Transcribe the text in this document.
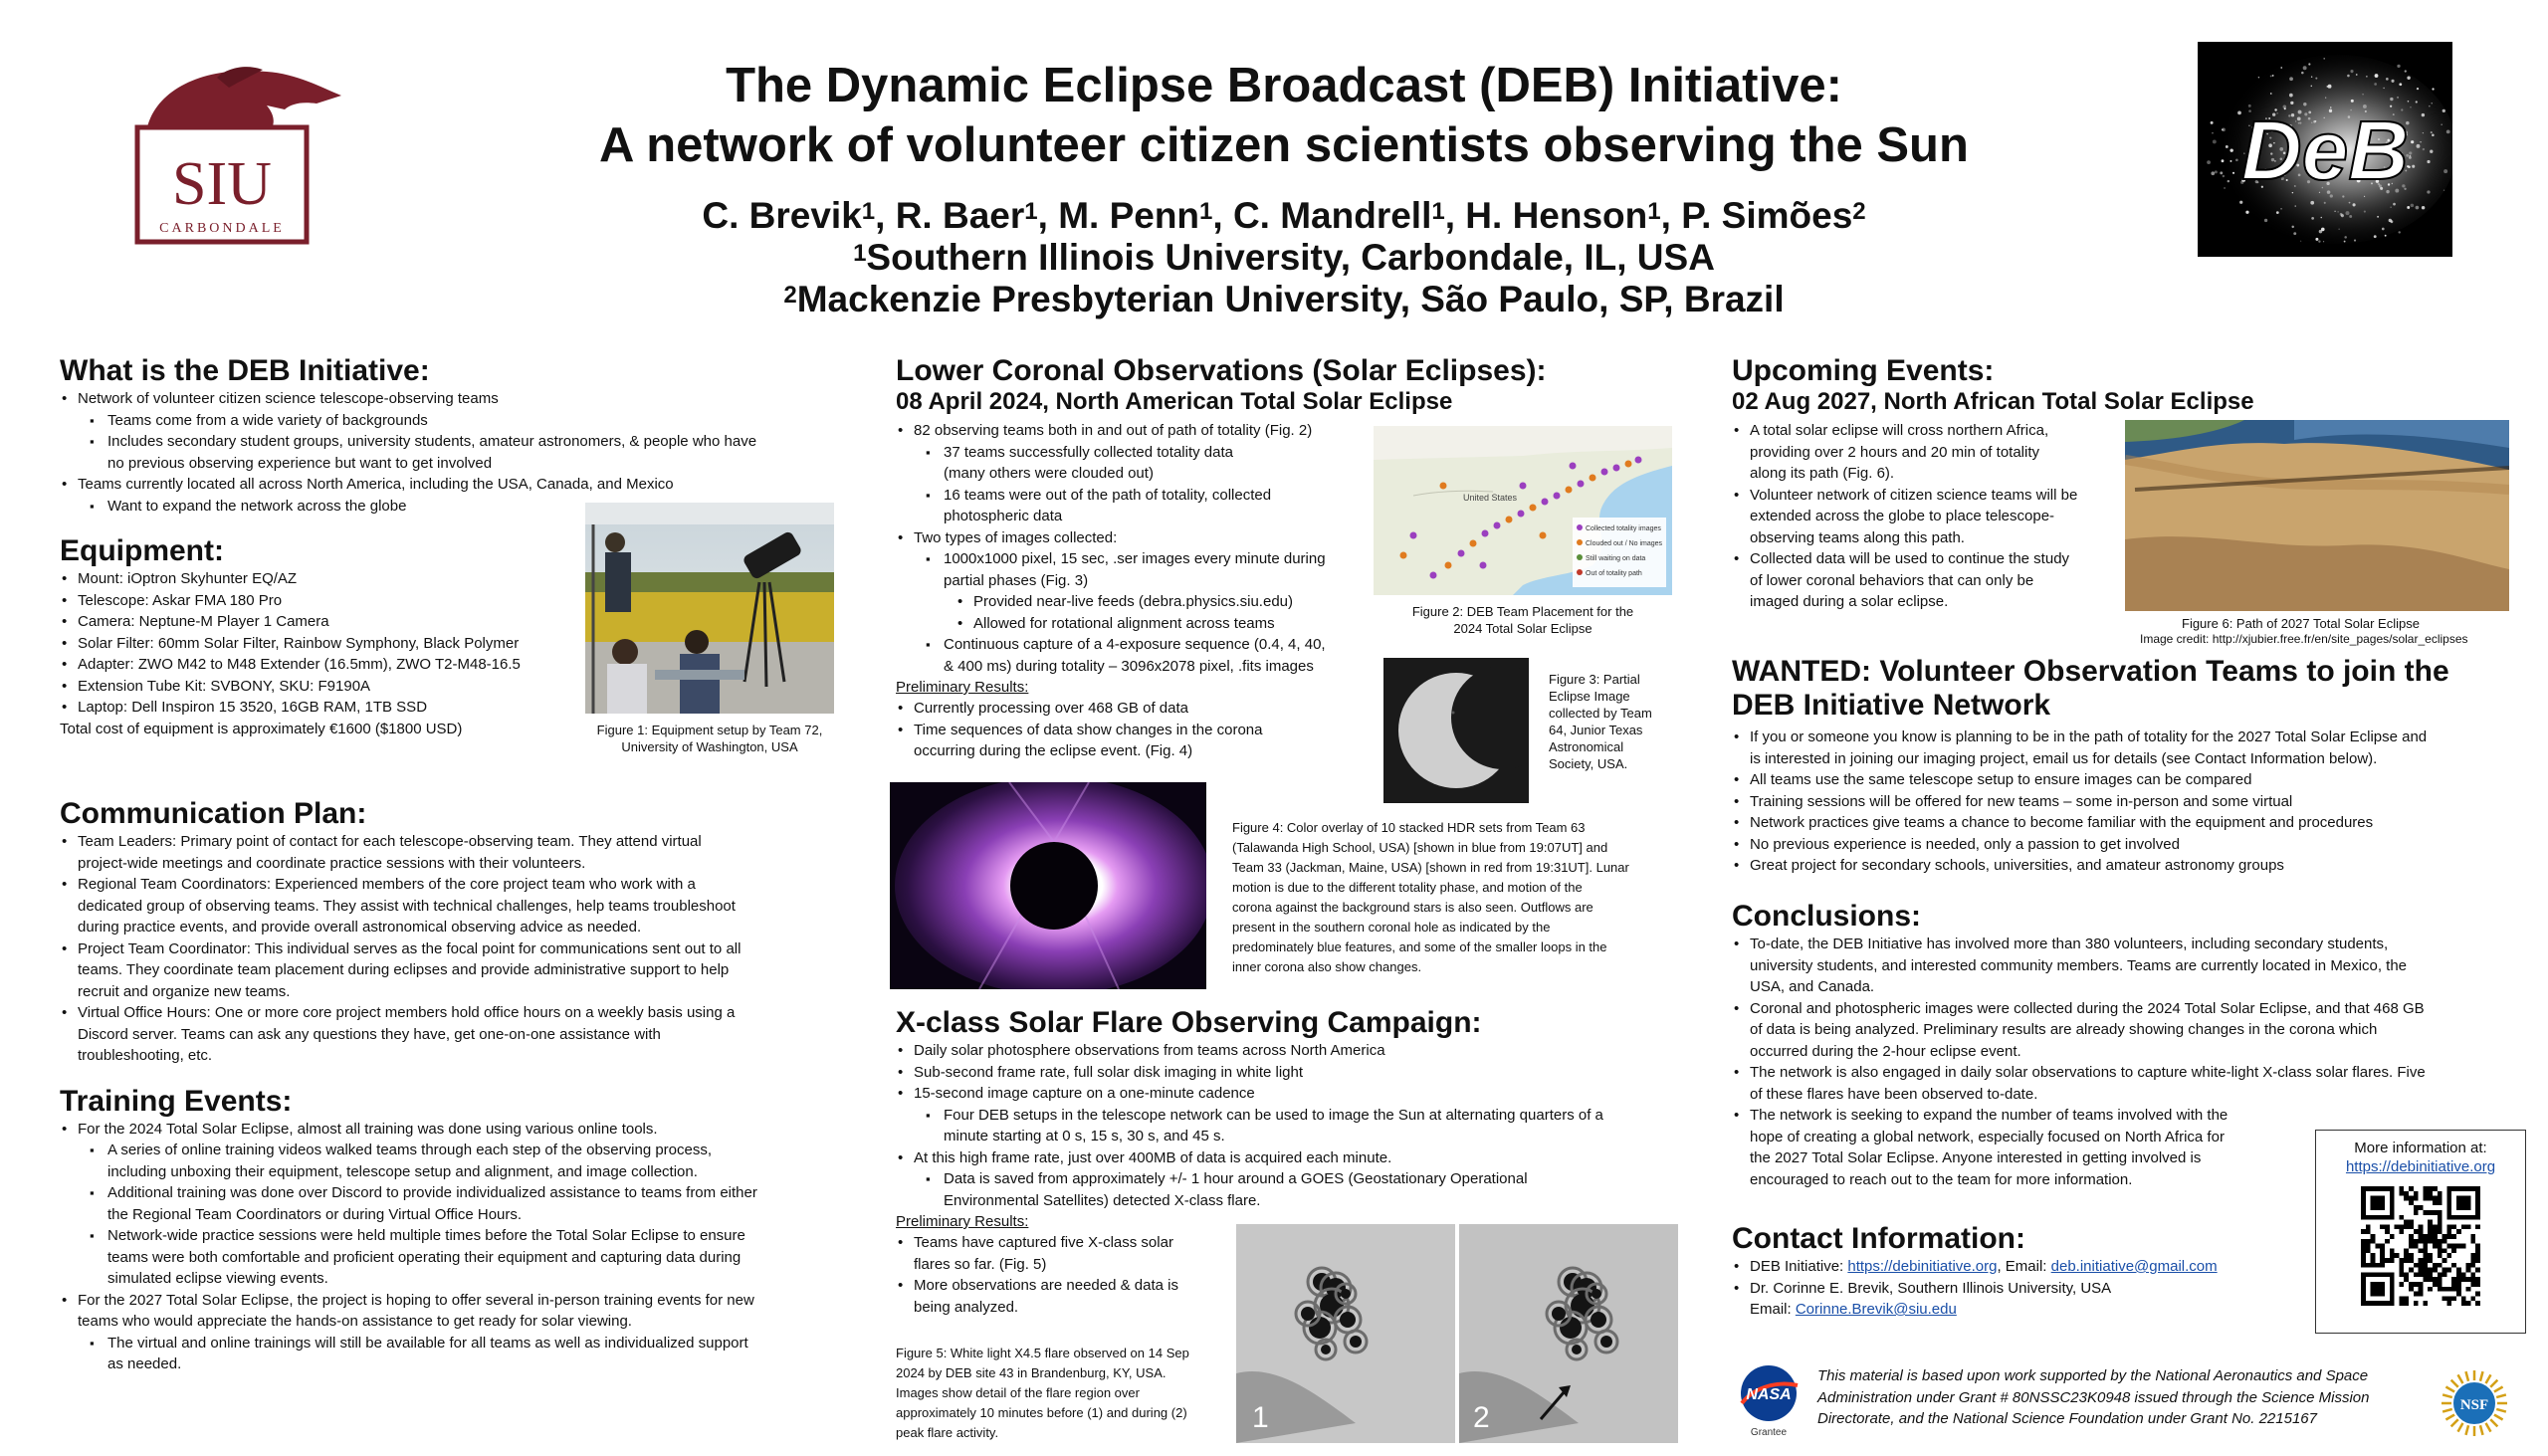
SIU
CARBONDALE
The Dynamic Eclipse Broadcast (DEB) Initiative:
A network of volunteer citizen scientists observing the Sun
C. Brevik$^1$, R. Baer$^1$, M. Penn$^1$, C. Mandrell$^1$, H. Henson$^1$, P. Simões$^2$
$^1$Southern Illinois University, Carbondale, IL, USA
$^2$Mackenzie Presbyterian University, São Paulo, SP, Brazil
DeB
What is the DEB Initiative:
• Network of volunteer citizen science telescope-observing teams
▪ Teams come from a wide variety of backgrounds
▪ Includes secondary student groups, university students, amateur astronomers, & people who have
no previous observing experience but want to get involved
• Teams currently located all across North America, including the USA, Canada, and Mexico
▪ Want to expand the network across the globe
Equipment:
• Mount: iOptron Skyhunter EQ/AZ
• Telescope: Askar FMA 180 Pro
• Camera: Neptune-M Player 1 Camera
• Solar Filter: 60mm Solar Filter, Rainbow Symphony, Black Polymer
• Adapter: ZWO M42 to M48 Extender (16.5mm), ZWO T2-M48-16.5
• Extension Tube Kit: SVBONY, SKU: F9190A
• Laptop: Dell Inspiron 15 3520, 16GB RAM, 1TB SSD
Total cost of equipment is approximately €1600 ($1800 USD)	Figure 1: Equipment setup by Team 72,
University of Washington, USA
Communication Plan:
• Team Leaders: Primary point of contact for each telescope-observing team. They attend virtual
project-wide meetings and coordinate practice sessions with their volunteers.
• Regional Team Coordinators: Experienced members of the core project team who work with a
dedicated group of observing teams. They assist with technical challenges, help teams troubleshoot
during practice events, and provide overall astronomical observing advice as needed.
• Project Team Coordinator: This individual serves as the focal point for communications sent out to all
teams. They coordinate team placement during eclipses and provide administrative support to help
recruit and organize new teams.
• Virtual Office Hours: One or more core project members hold office hours on a weekly basis using a
Discord server. Teams can ask any questions they have, get one-on-one assistance with
troubleshooting, etc.
Training Events:
• For the 2024 Total Solar Eclipse, almost all training was done using various online tools.
▪ A series of online training videos walked teams through each step of the observing process,
including unboxing their equipment, telescope setup and alignment, and image collection.
▪ Additional training was done over Discord to provide individualized assistance to teams from either
the Regional Team Coordinators or during Virtual Office Hours.
▪ Network-wide practice sessions were held multiple times before the Total Solar Eclipse to ensure
teams were both comfortable and proficient operating their equipment and capturing data during
simulated eclipse viewing events.
• For the 2027 Total Solar Eclipse, the project is hoping to offer several in-person training events for new
teams who would appreciate the hands-on assistance to get ready for solar viewing.
▪ The virtual and online trainings will still be available for all teams as well as individualized support
as needed.
Lower Coronal Observations (Solar Eclipses):
08 April 2024, North American Total Solar Eclipse
• 82 observing teams both in and out of path of totality (Fig. 2)
▪ 37 teams successfully collected totality data
(many others were clouded out)
▪ 16 teams were out of the path of totality, collected
photospheric data
• Two types of images collected:
▪ 1000x1000 pixel, 15 sec, .ser images every minute during
partial phases (Fig. 3)
• Provided near-live feeds (debra.physics.siu.edu)
• Allowed for rotational alignment across teams
▪ Continuous capture of a 4-exposure sequence (0.4, 4, 40,
& 400 ms) during totality – 3096x2078 pixel, .fits images
Preliminary Results:
• Currently processing over 468 GB of data
• Time sequences of data show changes in the corona
occurring during the eclipse event. (Fig. 4)
United States
Collected totality images
Clouded out / No images
Still waiting on data
Out of totality path
Figure 2: DEB Team Placement for the
2024 Total Solar Eclipse
Figure 3: Partial
Eclipse Image
collected by Team
64, Junior Texas
Astronomical
Society, USA.
Figure 4: Color overlay of 10 stacked HDR sets from Team 63
(Talawanda High School, USA) [shown in blue from 19:07UT] and
Team 33 (Jackman, Maine, USA) [shown in red from 19:31UT]. Lunar
motion is due to the different totality phase, and motion of the
corona against the background stars is also seen. Outflows are
present in the southern coronal hole as indicated by the
predominately blue features, and some of the smaller loops in the
inner corona also show changes.
X-class Solar Flare Observing Campaign:
• Daily solar photosphere observations from teams across North America
• Sub-second frame rate, full solar disk imaging in white light
• 15-second image capture on a one-minute cadence
▪ Four DEB setups in the telescope network can be used to image the Sun at alternating quarters of a
minute starting at 0 s, 15 s, 30 s, and 45 s.
• At this high frame rate, just over 400MB of data is acquired each minute.
▪ Data is saved from approximately +/- 1 hour around a GOES (Geostationary Operational
Environmental Satellites) detected X-class flare.
Preliminary Results:
• Teams have captured five X-class solar
flares so far. (Fig. 5)
• More observations are needed & data is
being analyzed.
Figure 5: White light X4.5 flare observed on 14 Sep
2024 by DEB site 43 in Brandenburg, KY, USA.
Images show detail of the flare region over
approximately 10 minutes before (1) and during (2)
peak flare activity.	1	2
Upcoming Events:
02 Aug 2027, North African Total Solar Eclipse
• A total solar eclipse will cross northern Africa,
providing over 2 hours and 20 min of totality
along its path (Fig. 6).
• Volunteer network of citizen science teams will be
extended across the globe to place telescope-
observing teams along this path.
• Collected data will be used to continue the study
of lower coronal behaviors that can only be
imaged during a solar eclipse.
Figure 6: Path of 2027 Total Solar Eclipse
Image credit: http://xjubier.free.fr/en/site_pages/solar_eclipses
WANTED: Volunteer Observation Teams to join the
DEB Initiative Network
• If you or someone you know is planning to be in the path of totality for the 2027 Total Solar Eclipse and
is interested in joining our imaging project, email us for details (see Contact Information below).
• All teams use the same telescope setup to ensure images can be compared
• Training sessions will be offered for new teams – some in-person and some virtual
• Network practices give teams a chance to become familiar with the equipment and procedures
• No previous experience is needed, only a passion to get involved
• Great project for secondary schools, universities, and amateur astronomy groups
Conclusions:
• To-date, the DEB Initiative has involved more than 380 volunteers, including secondary students,
university students, and interested community members. Teams are currently located in Mexico, the
USA, and Canada.
• Coronal and photospheric images were collected during the 2024 Total Solar Eclipse, and that 468 GB
of data is being analyzed. Preliminary results are already showing changes in the corona which
occurred during the 2-hour eclipse event.
• The network is also engaged in daily solar observations to capture white-light X-class solar flares. Five
of these flares have been observed to-date.
• The network is seeking to expand the number of teams involved with the
hope of creating a global network, especially focused on North Africa for
the 2027 Total Solar Eclipse. Anyone interested in getting involved is
encouraged to reach out to the team for more information.
Contact Information:
• DEB Initiative: https://debinitiative.org, Email: deb.initiative@gmail.com
• Dr. Corinne E. Brevik, Southern Illinois University, USA
Email: Corinne.Brevik@siu.edu
More information at:
https://debinitiative.org
NASA
Grantee
This material is based upon work supported by the National Aeronautics and Space
Administration under Grant # 80NSSC23K0948 issued through the Science Mission
Directorate, and the National Science Foundation under Grant No. 2215167
NSF
